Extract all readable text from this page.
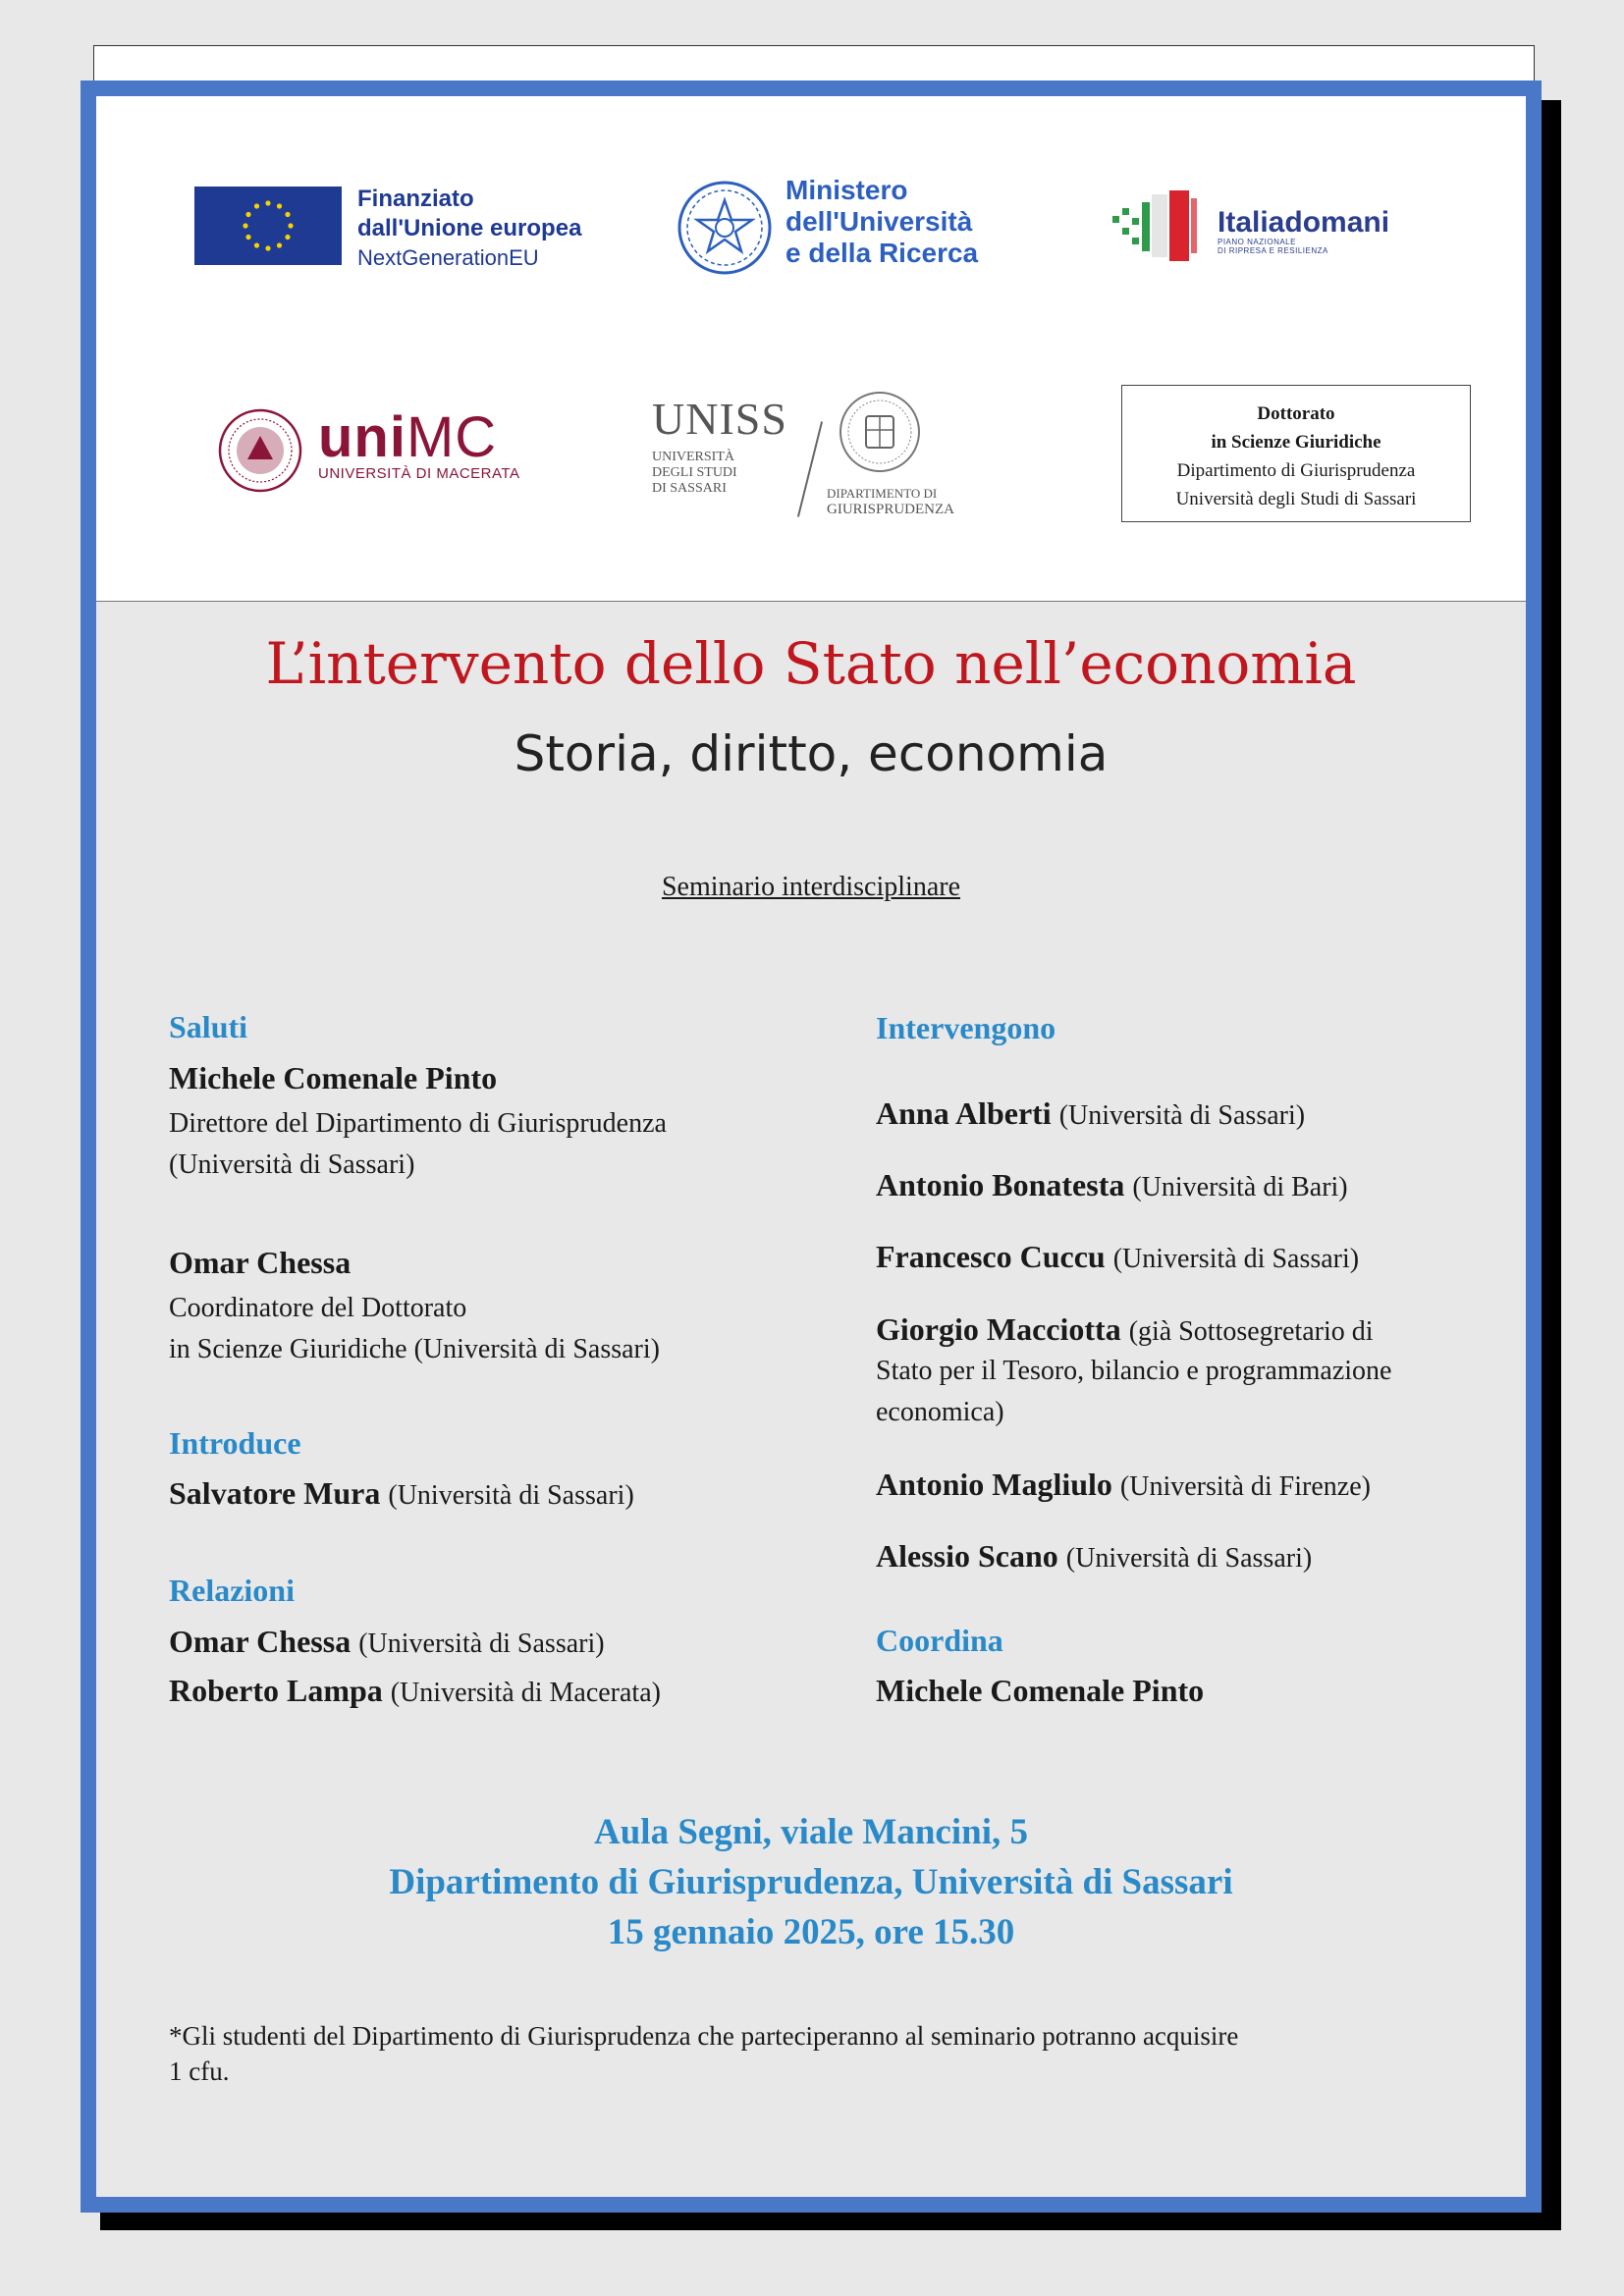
Finanziato
dall'Unione europea
NextGenerationEU
Ministero
dell'Università
e della Ricerca
Italiadomani
PIANO NAZIONALE
DI RIPRESA E RESILIENZA
uniMC
UNIVERSITÀ DI MACERATA
UNISS
UNIVERSITÀ
DEGLI STUDI
DI SASSARI	DIPARTIMENTO DI
GIURISPRUDENZA
Dottorato
in Scienze Giuridiche
Dipartimento di Giurisprudenza
Università degli Studi di Sassari
L’intervento dello Stato nell’economia
Storia, diritto, economia
Seminario interdisciplinare
Saluti
Michele Comenale Pinto
Direttore del Dipartimento di Giurisprudenza
(Università di Sassari)
Omar Chessa
Coordinatore del Dottorato
in Scienze Giuridiche (Università di Sassari)
Introduce
Salvatore Mura (Università di Sassari)
Relazioni
Omar Chessa (Università di Sassari)
Roberto Lampa (Università di Macerata)
Intervengono
Anna Alberti (Università di Sassari)
Antonio Bonatesta (Università di Bari)
Francesco Cuccu (Università di Sassari)
Giorgio Macciotta (già Sottosegretario di
Stato per il Tesoro, bilancio e programmazione
economica)
Antonio Magliulo (Università di Firenze)
Alessio Scano (Università di Sassari)
Coordina
Michele Comenale Pinto
Aula Segni, viale Mancini, 5
Dipartimento di Giurisprudenza, Università di Sassari
15 gennaio 2025, ore 15.30
*Gli studenti del Dipartimento di Giurisprudenza che parteciperanno al seminario potranno acquisire
1 cfu.
